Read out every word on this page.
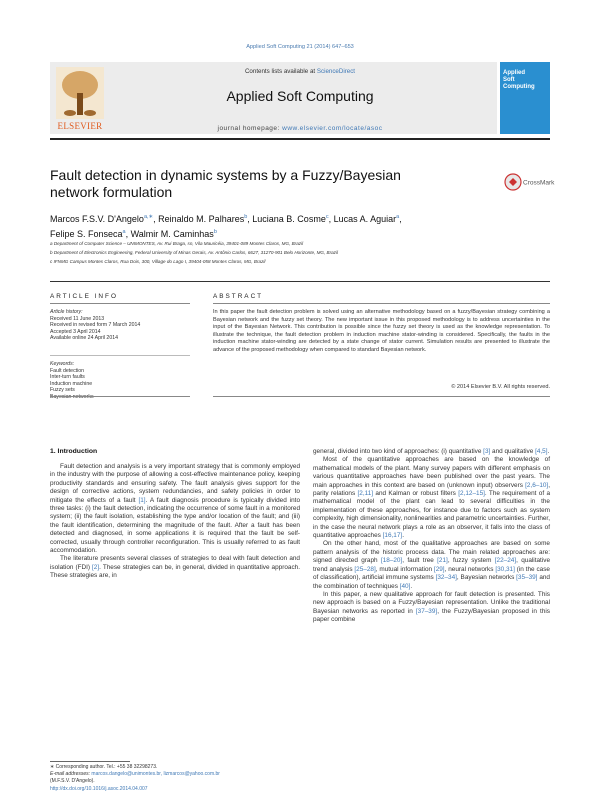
Applied Soft Computing 21 (2014) 647–653
ELSEVIER
Contents lists available at ScienceDirect
Applied Soft Computing
journal homepage: www.elsevier.com/locate/asoc
Applied
Soft
Computing
Fault detection in dynamic systems by a Fuzzy/Bayesian
network formulation
CrossMark
Marcos F.S.V. D'Angelo$^{a,∗}$, Reinaldo M. Palhares$^b$, Luciana B. Cosme$^c$, Lucas A. Aguiar$^a$,
Felipe S. Fonseca$^a$, Walmir M. Caminhas$^b$
a Department of Computer Science – UNIMONTES, Av. Rui Braga, sn, Vila Mauricéia, 39401-089 Montes Claros, MG, Brazil
b Department of Electronics Engineering, Federal University of Minas Gerais, Av. Antônio Carlos, 6627, 31270-901 Belo Horizonte, MG, Brazil
c IFNMG Campus Montes Claros, Rua Dois, 300, Village do Lago I, 39404-058 Montes Claros, MG, Brazil
ARTICLE INFO
Article history:
Received 11 June 2013
Received in revised form 7 March 2014
Accepted 3 April 2014
Available online 24 April 2014
Keywords:
Fault detection
Inter-turn faults
Induction machine
Fuzzy sets
Bayesian networks
ABSTRACT
In this paper the fault detection problem is solved using an alternative methodology based on a fuzzy/Bayesian strategy combining a Bayesian network and the fuzzy set theory. The new important issue in this proposed methodology is to address uncertainties in the input of the Bayesian Network. This contribution is possible since the fuzzy set theory is used as the knowledge representation. To illustrate the technique, the fault detection problem in induction machine stator-winding is considered. Specifically, the faults in the induction machine stator-winding are detected by a state change of stator current. Simulation results are presented to illustrate the advance of the proposed methodology when compared to standard Bayesian network.
© 2014 Elsevier B.V. All rights reserved.
1. Introduction

Fault detection and analysis is a very important strategy that is commonly employed in the industry with the purpose of allowing a cost-effective maintenance policy, keeping productivity standards and ensuring safety. The fault analysis gives support for the design of corrective actions, system redundancies, and safety policies in order to mitigate the effects of a fault [1]. A fault diagnosis procedure is typically divided into three tasks: (i) the fault detection, indicating the occurrence of some fault in a monitored system; (ii) the fault isolation, establishing the type and/or location of the fault; and (iii) the fault identification, determining the magnitude of the fault. After a fault has been detected and diagnosed, in some applications it is required that the fault be self-corrected, usually through controller reconfiguration. This is usually referred to as fault accommodation.

The literature presents several classes of strategies to deal with fault detection and isolation (FDI) [2]. These strategies can be, in general, divided in quantitative approach. These strategies are, in

general, divided into two kind of approaches: (i) quantitative [3] and qualitative [4,5].

Most of the quantitative approaches are based on the knowledge of mathematical models of the plant. Many survey papers with different emphasis on various quantitative approaches have been published over the past years. The main approaches in this context are based on (unknown input) observers [2,6–10], parity relations [2,11] and Kalman or robust filters [2,12–15]. The requirement of a mathematical model of the plant can lead to several difficulties in the implementation of these approaches, for instance due to factors such as system complexity, high dimensionality, nonlinearities and parametric uncertainties. Further, in the case the neural network plays a role as an observer, it falls into the class of quantitative approaches [16,17].

On the other hand, most of the qualitative approaches are based on some pattern analysis of the historic process data. The main related approaches are: signed directed graph [18–20], fault tree [21], fuzzy system [22–24], qualitative trend analysis [25–28], mutual information [29], neural networks [30,31] (in the case of classification), artificial immune systems [32–34], Bayesian networks [35–39] and the combination of techniques [40].

In this paper, a new qualitative approach for fault detection is presented. This new approach is based on a Fuzzy/Bayesian representation. Unlike the traditional Bayesian networks as reported in [37–39], the Fuzzy/Bayesian proposed in this paper combine

∗ Corresponding author. Tel.: +55 38 32298273.
E-mail addresses: marcos.dangelo@unimontes.br, lizmarcos@yahoo.com.br
(M.F.S.V. D'Angelo).
http://dx.doi.org/10.1016/j.asoc.2014.04.007
